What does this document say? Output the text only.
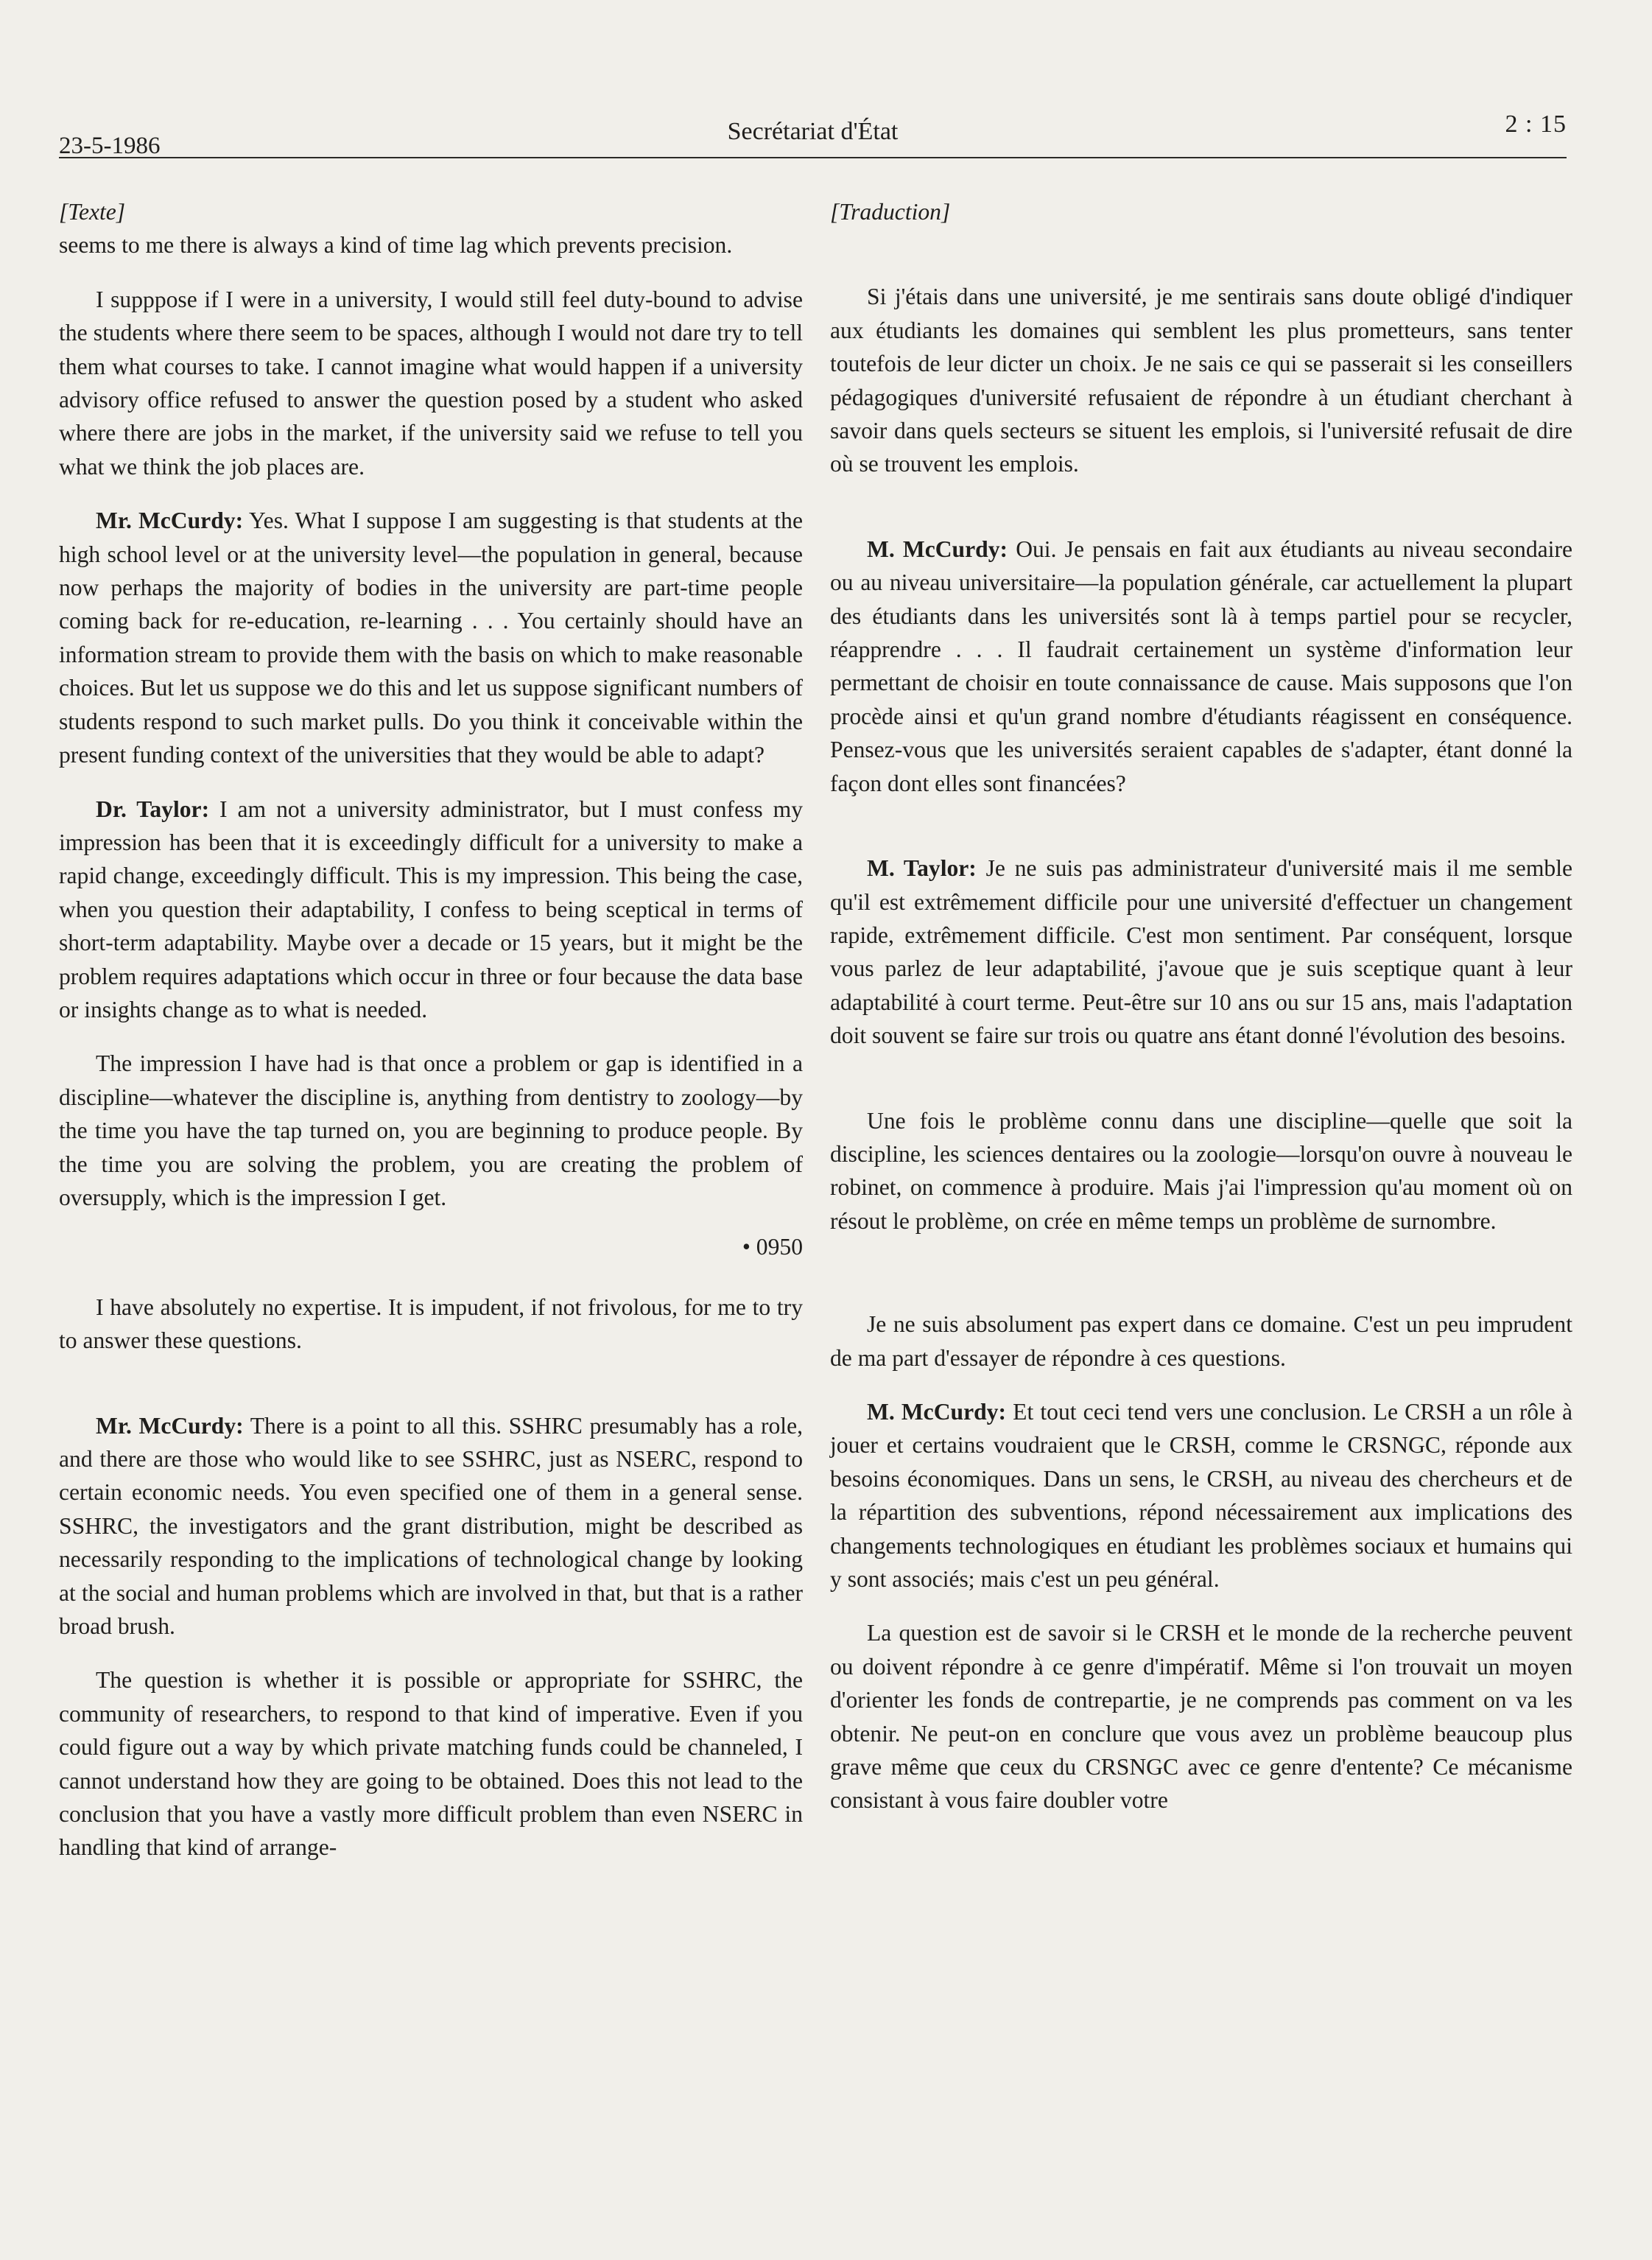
23-5-1986
Secrétariat d'État	2 : 15

[Texte]

seems to me there is always a kind of time lag which prevents precision.

I supppose if I were in a university, I would still feel duty-bound to advise the students where there seem to be spaces, although I would not dare try to tell them what courses to take. I cannot imagine what would happen if a university advisory office refused to answer the question posed by a student who asked where there are jobs in the market, if the university said we refuse to tell you what we think the job places are.

Mr. McCurdy: Yes. What I suppose I am suggesting is that students at the high school level or at the university level—the population in general, because now perhaps the majority of bodies in the university are part-time people coming back for re-education, re-learning . . . You certainly should have an information stream to provide them with the basis on which to make reasonable choices. But let us suppose we do this and let us suppose significant numbers of students respond to such market pulls. Do you think it conceivable within the present funding context of the universities that they would be able to adapt?

Dr. Taylor: I am not a university administrator, but I must confess my impression has been that it is exceedingly difficult for a university to make a rapid change, exceedingly difficult. This is my impression. This being the case, when you question their adaptability, I confess to being sceptical in terms of short-term adaptability. Maybe over a decade or 15 years, but it might be the problem requires adaptations which occur in three or four because the data base or insights change as to what is needed.

The impression I have had is that once a problem or gap is identified in a discipline—whatever the discipline is, anything from dentistry to zoology—by the time you have the tap turned on, you are beginning to produce people. By the time you are solving the problem, you are creating the problem of oversupply, which is the impression I get.

• 0950

I have absolutely no expertise. It is impudent, if not frivolous, for me to try to answer these questions.

Mr. McCurdy: There is a point to all this. SSHRC presumably has a role, and there are those who would like to see SSHRC, just as NSERC, respond to certain economic needs. You even specified one of them in a general sense. SSHRC, the investigators and the grant distribution, might be described as necessarily responding to the implications of technological change by looking at the social and human problems which are involved in that, but that is a rather broad brush.

The question is whether it is possible or appropriate for SSHRC, the community of researchers, to respond to that kind of imperative. Even if you could figure out a way by which private matching funds could be channeled, I cannot understand how they are going to be obtained. Does this not lead to the conclusion that you have a vastly more difficult problem than even NSERC in handling that kind of arrange-

[Traduction]

Si j'étais dans une université, je me sentirais sans doute obligé d'indiquer aux étudiants les domaines qui semblent les plus prometteurs, sans tenter toutefois de leur dicter un choix. Je ne sais ce qui se passerait si les conseillers pédagogiques d'université refusaient de répondre à un étudiant cherchant à savoir dans quels secteurs se situent les emplois, si l'université refusait de dire où se trouvent les emplois.

M. McCurdy: Oui. Je pensais en fait aux étudiants au niveau secondaire ou au niveau universitaire—la population générale, car actuellement la plupart des étudiants dans les universités sont là à temps partiel pour se recycler, réapprendre . . . Il faudrait certainement un système d'information leur permettant de choisir en toute connaissance de cause. Mais supposons que l'on procède ainsi et qu'un grand nombre d'étudiants réagissent en conséquence. Pensez-vous que les universités seraient capables de s'adapter, étant donné la façon dont elles sont financées?

M. Taylor: Je ne suis pas administrateur d'université mais il me semble qu'il est extrêmement difficile pour une université d'effectuer un changement rapide, extrêmement difficile. C'est mon sentiment. Par conséquent, lorsque vous parlez de leur adaptabilité, j'avoue que je suis sceptique quant à leur adaptabilité à court terme. Peut-être sur 10 ans ou sur 15 ans, mais l'adaptation doit souvent se faire sur trois ou quatre ans étant donné l'évolution des besoins.

Une fois le problème connu dans une discipline—quelle que soit la discipline, les sciences dentaires ou la zoologie—lorsqu'on ouvre à nouveau le robinet, on commence à produire. Mais j'ai l'impression qu'au moment où on résout le problème, on crée en même temps un problème de surnombre.

Je ne suis absolument pas expert dans ce domaine. C'est un peu imprudent de ma part d'essayer de répondre à ces questions.

M. McCurdy: Et tout ceci tend vers une conclusion. Le CRSH a un rôle à jouer et certains voudraient que le CRSH, comme le CRSNGC, réponde aux besoins économiques. Dans un sens, le CRSH, au niveau des chercheurs et de la répartition des subventions, répond nécessairement aux implications des changements technologiques en étudiant les problèmes sociaux et humains qui y sont associés; mais c'est un peu général.

La question est de savoir si le CRSH et le monde de la recherche peuvent ou doivent répondre à ce genre d'impératif. Même si l'on trouvait un moyen d'orienter les fonds de contrepartie, je ne comprends pas comment on va les obtenir. Ne peut-on en conclure que vous avez un problème beaucoup plus grave même que ceux du CRSNGC avec ce genre d'entente? Ce mécanisme consistant à vous faire doubler votre
